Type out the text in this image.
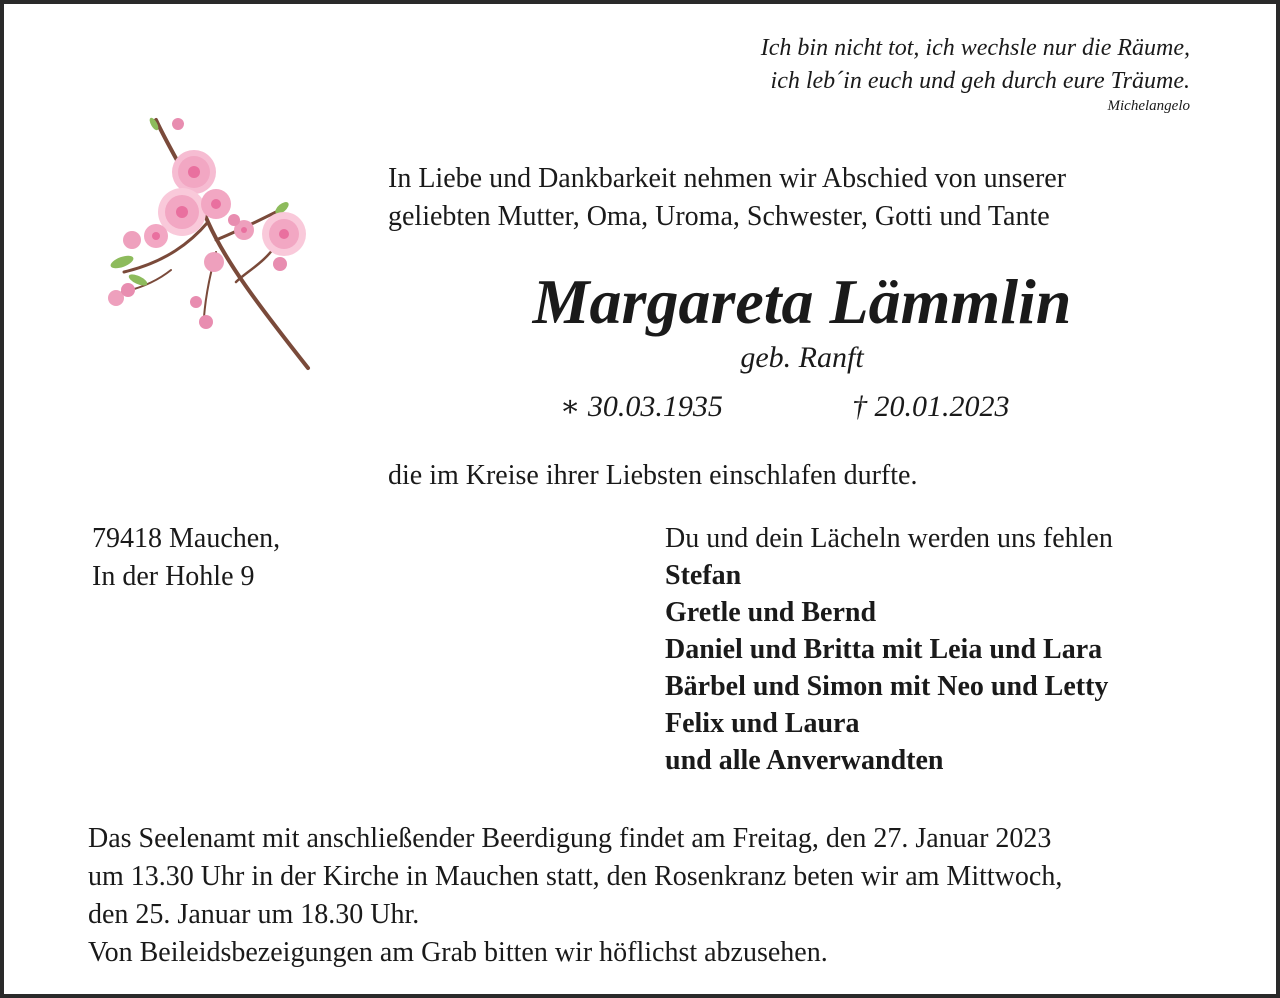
Ich bin nicht tot, ich wechsle nur die Räume,
ich leb´in euch und geh durch eure Träume.
Michelangelo
In Liebe und Dankbarkeit nehmen wir Abschied von unserer
geliebten Mutter, Oma, Uroma, Schwester, Gotti und Tante
Margareta Lämmlin
geb. Ranft
∗ 30.03.1935	† 20.01.2023
die im Kreise ihrer Liebsten einschlafen durfte.
79418 Mauchen,
In der Hohle 9
Du und dein Lächeln werden uns fehlen
Stefan
Gretle und Bernd
Daniel und Britta mit Leia und Lara
Bärbel und Simon mit Neo und Letty
Felix und Laura
und alle Anverwandten
Das Seelenamt mit anschließender Beerdigung findet am Freitag, den 27. Januar 2023
um 13.30 Uhr in der Kirche in Mauchen statt, den Rosenkranz beten wir am Mittwoch,
den 25. Januar um 18.30 Uhr.
Von Beileidsbezeigungen am Grab bitten wir höflichst abzusehen.
